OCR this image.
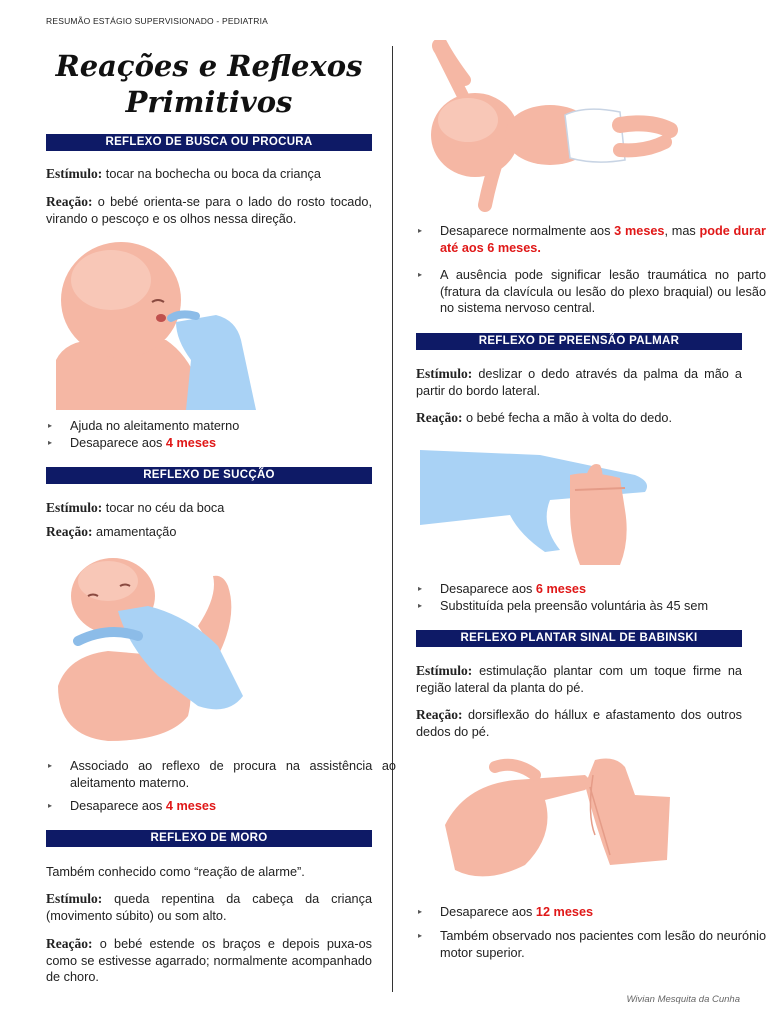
RESUMÃO ESTÁGIO SUPERVISIONADO - PEDIATRIA
Reações e Reflexos
Primitivos
REFLEXO DE BUSCA OU PROCURA
Estímulo: tocar na bochecha ou boca da criança
Reação: o bebé orienta-se para o lado do rosto tocado, virando o pescoço e os olhos nessa direção.
▸ Ajuda no aleitamento materno
▸ Desaparece aos 4 meses
REFLEXO DE SUCÇÃO
Estímulo: tocar no céu da boca
Reação: amamentação
▸ Associado ao reflexo de procura na assistência ao aleitamento materno.
▸ Desaparece aos 4 meses
REFLEXO DE MORO
Também conhecido como “reação de alarme”.
Estímulo: queda repentina da cabeça da criança (movimento súbito) ou som alto.
Reação: o bebé estende os braços e depois puxa-os como se estivesse agarrado; normalmente acompanhado de choro.
▸ Desaparece normalmente aos 3 meses, mas pode durar até aos 6 meses.
▸ A ausência pode significar lesão traumática no parto (fratura da clavícula ou lesão do plexo braquial) ou lesão no sistema nervoso central.
REFLEXO DE PREENSÃO PALMAR
Estímulo: deslizar o dedo através da palma da mão a partir do bordo lateral.
Reação: o bebé fecha a mão à volta do dedo.
▸ Desaparece aos 6 meses
▸ Substituída pela preensão voluntária às 45 sem
REFLEXO PLANTAR SINAL DE BABINSKI
Estímulo: estimulação plantar com um toque firme na região lateral da planta do pé.
Reação: dorsiflexão do hállux e afastamento dos outros dedos do pé.
▸ Desaparece aos 12 meses
▸ Também observado nos pacientes com lesão do neurónio motor superior.
Wivian Mesquita da Cunha
